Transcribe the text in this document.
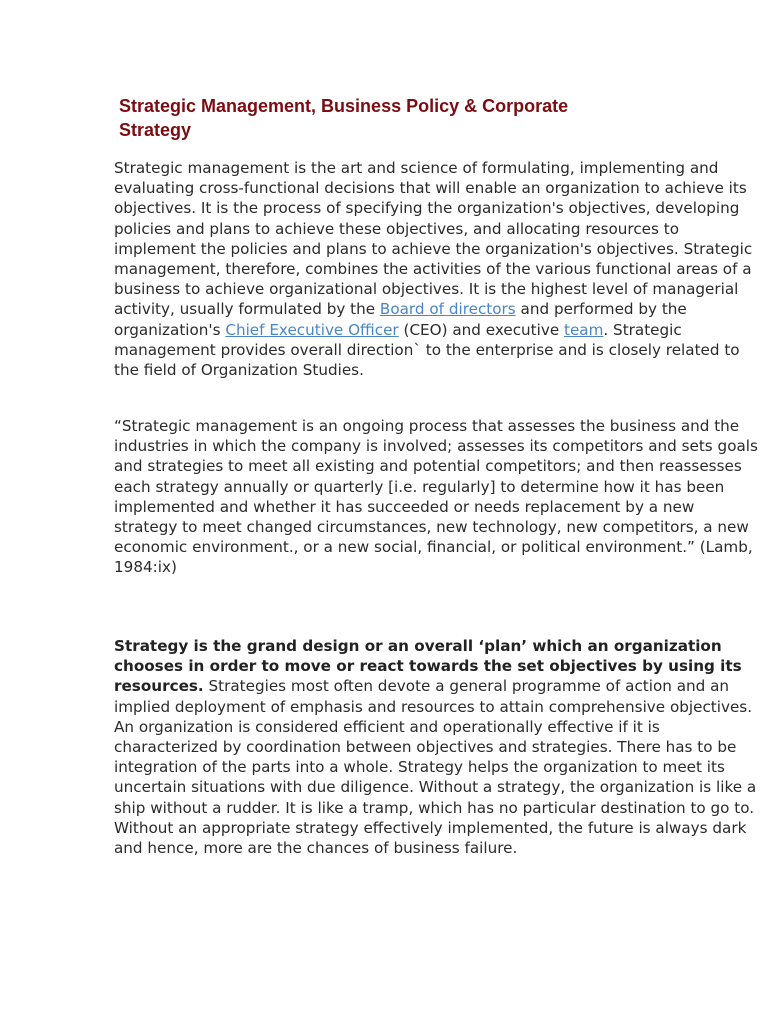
Strategic Management, Business Policy & Corporate
Strategy

Strategic management is the art and science of formulating, implementing and evaluating cross-functional decisions that will enable an organization to achieve its objectives. It is the process of specifying the organization's objectives, developing policies and plans to achieve these objectives, and allocating resources to implement the policies and plans to achieve the organization's objectives. Strategic management, therefore, combines the activities of the various functional areas of a business to achieve organizational objectives. It is the highest level of managerial activity, usually formulated by the Board of directors and performed by the organization's Chief Executive Officer (CEO) and executive team. Strategic management provides overall direction` to the enterprise and is closely related to the field of Organization Studies.

“Strategic management is an ongoing process that assesses the business and the industries in which the company is involved; assesses its competitors and sets goals and strategies to meet all existing and potential competitors; and then reassesses each strategy annually or quarterly [i.e. regularly] to determine how it has been implemented and whether it has succeeded or needs replacement by a new strategy to meet changed circumstances, new technology, new competitors, a new economic environment., or a new social, financial, or political environment.” (Lamb, 1984:ix)

Strategy is the grand design or an overall ‘plan’ which an organization chooses in order to move or react towards the set objectives by using its resources. Strategies most often devote a general programme of action and an implied deployment of emphasis and resources to attain comprehensive objectives. An organization is considered efficient and operationally effective if it is characterized by coordination between objectives and strategies. There has to be integration of the parts into a whole. Strategy helps the organization to meet its uncertain situations with due diligence. Without a strategy, the organization is like a ship without a rudder. It is like a tramp, which has no particular destination to go to. Without an appropriate strategy effectively implemented, the future is always dark and hence, more are the chances of business failure.
